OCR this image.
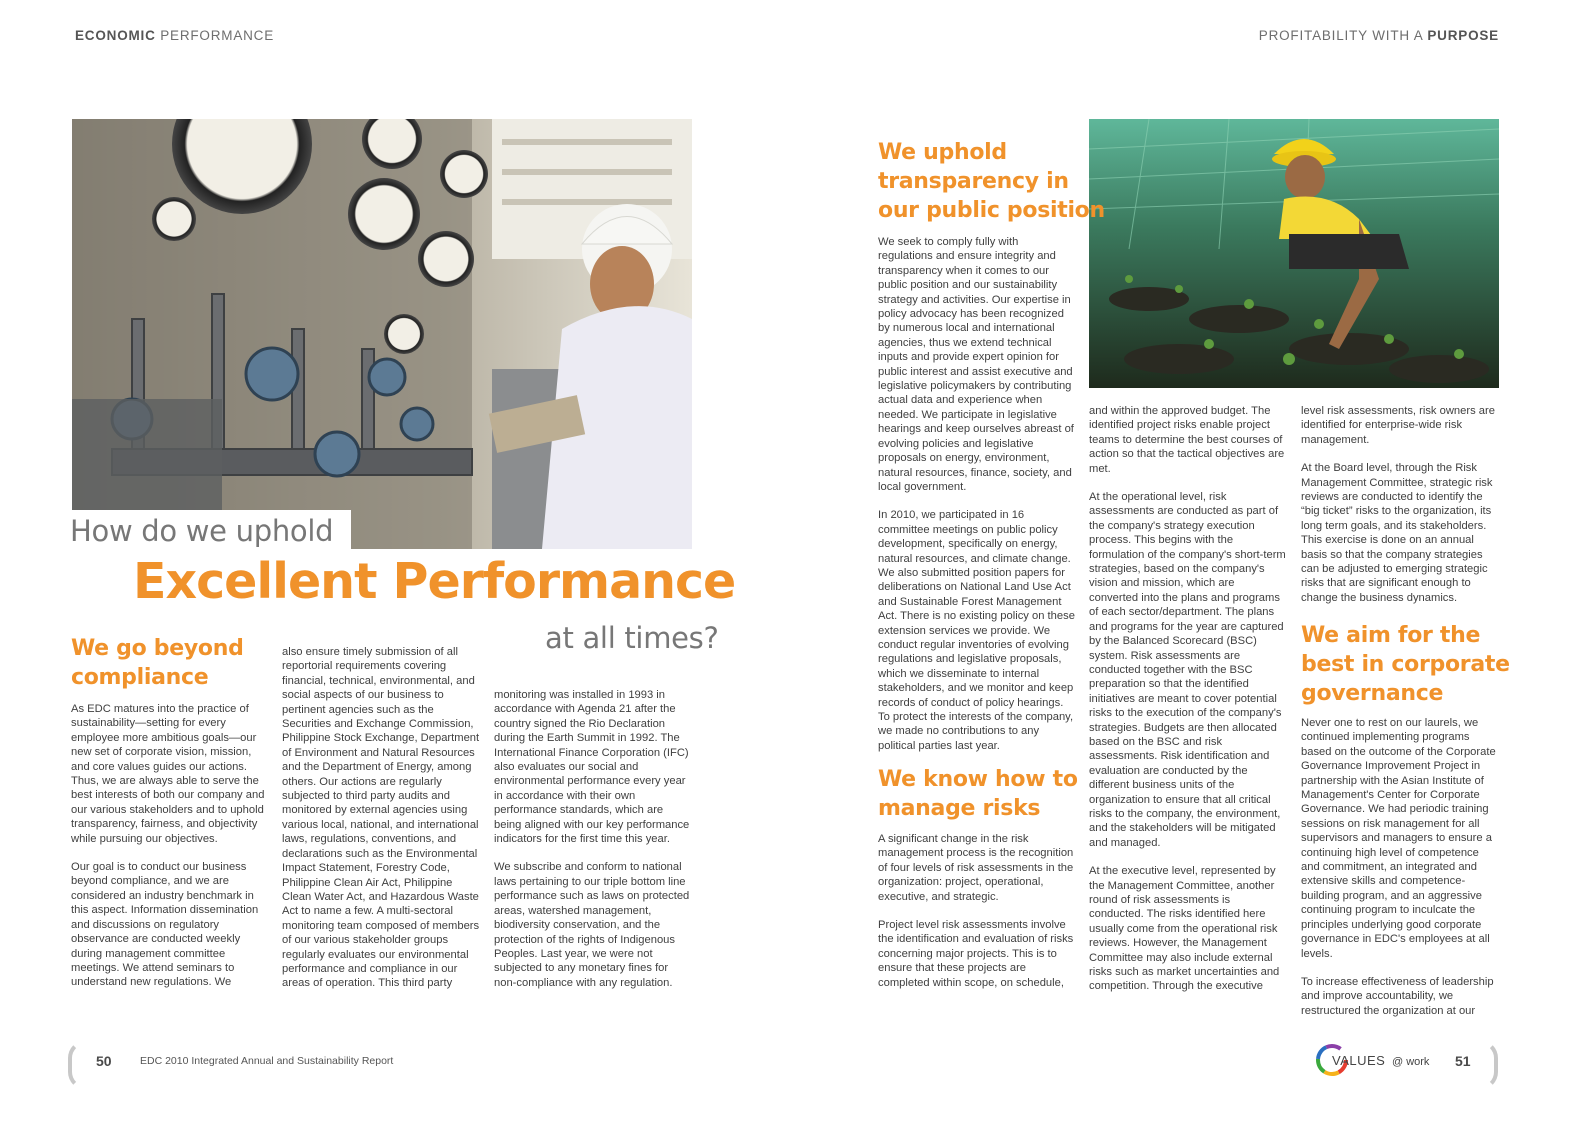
ECONOMIC PERFORMANCE	PROFITABILITY WITH A PURPOSE
How do we uphold
Excellent Performance
at all times?
We go beyond
compliance

As EDC matures into the practice of sustainability—setting for every employee more ambitious goals—our new set of corporate vision, mission, and core values guides our actions. Thus, we are always able to serve the best interests of both our company and our various stakeholders and to uphold transparency, fairness, and objectivity while pursuing our objectives.

Our goal is to conduct our business beyond compliance, and we are considered an industry benchmark in this aspect. Information dissemination and discussions on regulatory observance are conducted weekly during management committee meetings. We attend seminars to understand new regulations. We

also ensure timely submission of all reportorial requirements covering financial, technical, environmental, and social aspects of our business to pertinent agencies such as the Securities and Exchange Commission, Philippine Stock Exchange, Department of Environment and Natural Resources and the Department of Energy, among others. Our actions are regularly subjected to third party audits and monitored by external agencies using various local, national, and international laws, regulations, conventions, and declarations such as the Environmental Impact Statement, Forestry Code, Philippine Clean Air Act, Philippine Clean Water Act, and Hazardous Waste Act to name a few. A multi-sectoral monitoring team composed of members of our various stakeholder groups regularly evaluates our environmental performance and compliance in our areas of operation. This third party

monitoring was installed in 1993 in accordance with Agenda 21 after the country signed the Rio Declaration during the Earth Summit in 1992. The International Finance Corporation (IFC) also evaluates our social and environmental performance every year in accordance with their own performance standards, which are being aligned with our key performance indicators for the first time this year.

We subscribe and conform to national laws pertaining to our triple bottom line performance such as laws on protected areas, watershed management, biodiversity conservation, and the protection of the rights of Indigenous Peoples. Last year, we were not subjected to any monetary fines for non-compliance with any regulation.

We uphold
transparency in
our public position

We seek to comply fully with regulations and ensure integrity and transparency when it comes to our public position and our sustainability strategy and activities. Our expertise in policy advocacy has been recognized by numerous local and international agencies, thus we extend technical inputs and provide expert opinion for public interest and assist executive and legislative policymakers by contributing actual data and experience when needed. We participate in legislative hearings and keep ourselves abreast of evolving policies and legislative proposals on energy, environment, natural resources, finance, society, and local government.

In 2010, we participated in 16 committee meetings on public policy development, specifically on energy, natural resources, and climate change. We also submitted position papers for deliberations on National Land Use Act and Sustainable Forest Management Act. There is no existing policy on these extension services we provide. We conduct regular inventories of evolving regulations and legislative proposals, which we disseminate to internal stakeholders, and we monitor and keep records of conduct of policy hearings. To protect the interests of the company, we made no contributions to any political parties last year.

We know how to
manage risks

A significant change in the risk management process is the recognition of four levels of risk assessments in the organization: project, operational, executive, and strategic.

Project level risk assessments involve the identification and evaluation of risks concerning major projects. This is to ensure that these projects are completed within scope, on schedule,

and within the approved budget. The identified project risks enable project teams to determine the best courses of action so that the tactical objectives are met.

At the operational level, risk assessments are conducted as part of the company's strategy execution process. This begins with the formulation of the company's short-term strategies, based on the company's vision and mission, which are converted into the plans and programs of each sector/department. The plans and programs for the year are captured by the Balanced Scorecard (BSC) system. Risk assessments are conducted together with the BSC preparation so that the identified initiatives are meant to cover potential risks to the execution of the company's strategies. Budgets are then allocated based on the BSC and risk assessments. Risk identification and evaluation are conducted by the different business units of the organization to ensure that all critical risks to the company, the environment, and the stakeholders will be mitigated and managed.

At the executive level, represented by the Management Committee, another round of risk assessments is conducted. The risks identified here usually come from the operational risk reviews. However, the Management Committee may also include external risks such as market uncertainties and competition. Through the executive

level risk assessments, risk owners are identified for enterprise-wide risk management.

At the Board level, through the Risk Management Committee, strategic risk reviews are conducted to identify the “big ticket” risks to the organization, its long term goals, and its stakeholders. This exercise is done on an annual basis so that the company strategies can be adjusted to emerging strategic risks that are significant enough to change the business dynamics.

We aim for the
best in corporate
governance

Never one to rest on our laurels, we continued implementing programs based on the outcome of the Corporate Governance Improvement Project in partnership with the Asian Institute of Management's Center for Corporate Governance. We had periodic training sessions on risk management for all supervisors and managers to ensure a continuing high level of competence and commitment, an integrated and extensive skills and competence-building program, and an aggressive continuing program to inculcate the principles underlying good corporate governance in EDC's employees at all levels.

To increase effectiveness of leadership and improve accountability, we restructured the organization at our

50	EDC 2010 Integrated Annual and Sustainability Report	VALUES @ work 51
